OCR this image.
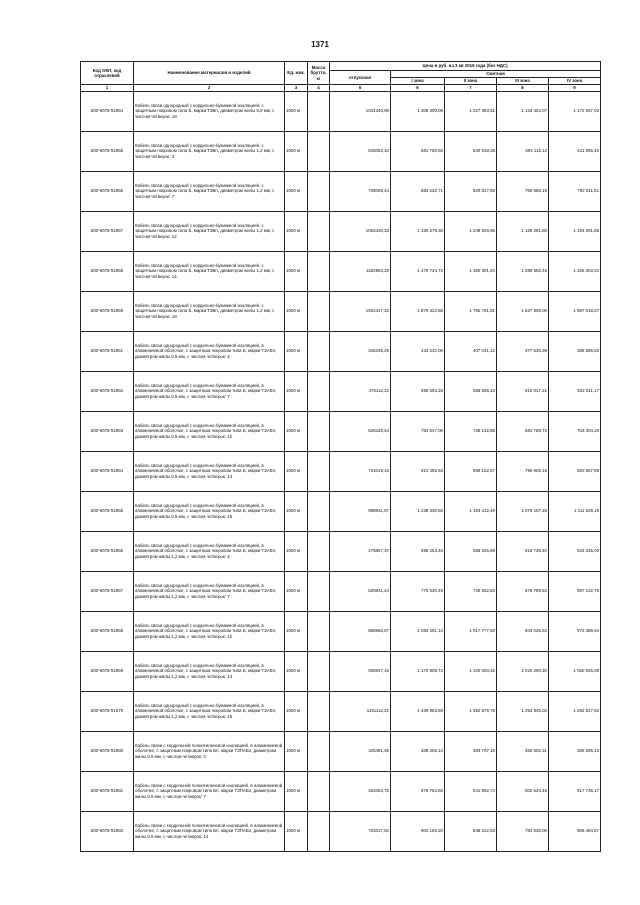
1371
Код ОКП, код отраслевой	Наименование материалов и изделий	Ед. изм.	Масса брутто, кг	Цена в руб. на 3 кв 2016 года (без НДС)				
				отпускная	Сметная			
					I зона	II зона	III зона	IV зона
1	2	3	4	5	6	7	8	9
500-8075-91954	Кабель связи однородный с кордельно-бумажной изоляцией, с защитным покровом типа Б, марки ТЗБп, диаметром жилы 0,9 мм, с числом четверок: 19	1000 м		1044340,98	1 305 400,09	1 227 393,61	1 133 452,07	1 172 657,02
500-8075-91955	Кабель связи однородный с кордельно-бумажной изоляцией, с защитным покровом типа Б, марки ТЗБп, диаметром жилы 1,2 мм, с числом четверок: 4	1000 м		545062,10	681 760,65	640 538,35	594 115,12	611 965,40
500-8075-91956	Кабель связи однородный с кордельно-бумажной изоляцией, с защитным покровом типа Б, марки ТЗБп, диаметром жилы 1,2 мм, с числом четверок: 7	1000 м		706059,44	883 232,71	829 817,69	769 886,19	792 611,51
500-8075-91957	Кабель связи однородный с кордельно-бумажной изоляцией, с защитным покровом типа Б, марки ТЗБп, диаметром жилы 1,2 мм, с числом четверок: 12	1000 м		1063430,33	1 330 279,36	1 249 828,96	1 159 281,86	1 194 091,88
500-8075-91958	Кабель связи однородный с кордельно-бумажной изоляцией, с защитным покровом типа Б, марки ТЗБп, диаметром жилы 1,2 мм, с числом четверок: 14	1000 м		1182953,28	1 479 734,72	1 390 301,94	1 289 555,45	1 328 303,34
500-8075-91959	Кабель связи однородный с кордельно-бумажной изоляцией, с защитным покровом типа Б, марки ТЗБп, диаметром жилы 1,2 мм, с числом четверок: 19	1000 м		1502417,32	1 879 422,68	1 765 761,81	1 637 908,06	1 687 018,27
500-8075-91961	Кабель связи однородный с кордельно-бумажной изоляцией, в алюминиевой оболочке, с защитным покровом типа Б, марки ТЗАБп, диаметром жилы 0,9 мм, с числом четверок: 4	1000 м		346335,29	433 242,06	407 041,12	377 546,39	388 886,62
500-8075-91962	Кабель связи однородный с кордельно-бумажной изоляцией, в алюминиевой оболочке, с защитным покровом типа Б, марки ТЗАБп, диаметром жилы 0,9 мм, с числом четверок: 7	1000 м		476112,22	595 594,26	559 565,43	519 017,21	534 611,17
500-8075-91963	Кабель связи однородный с кордельно-бумажной изоляцией, в алюминиевой оболочке, с защитным покровом типа Б, марки ТЗАБп, диаметром жилы 0,9 мм, с числом четверок: 12	1000 м		626348,34	783 547,00	736 132,86	682 769,72	703 304,26
500-8075-91964	Кабель связи однородный с кордельно-бумажной изоляцией, в алюминиевой оболочке, с защитным покровом типа Б, марки ТЗАБп, диаметром жилы 0,9 мм, с числом четверок: 14	1000 м		731019,15	914 455,63	859 152,57	796 905,15	820 857,99
500-8075-91965	Кабель связи однородный с кордельно-бумажной изоляцией, в алюминиевой оболочке, с защитным покровом типа Б, марки ТЗАБп, диаметром жилы 0,9 мм, с числом четверок: 19	1000 м		989931,97	1 238 330,55	1 163 412,49	1 079 107,26	1 111 529,19
500-8075-91966	Кабель связи однородный с кордельно-бумажной изоляцией, в алюминиевой оболочке, с защитным покровом типа Б, марки ТЗАБп, диаметром жилы 1,2 мм, с числом четверок: 4	1000 м		475857,37	595 263,46	559 265,69	518 739,40	534 335,00
500-8075-91967	Кабель связи однородный с кордельно-бумажной изоляцией, в алюминиевой оболочке, с защитным покровом типа Б, марки ТЗАБп, диаметром жилы 1,2 мм, с числом четверок: 7	1000 м		620841,24	776 630,49	729 662,63	676 789,52	697 122,76
500-8075-91968	Кабель связи однородный с кордельно-бумажной изоляцией, в алюминиевой оболочке, с защитным покровом типа Б, марки ТЗАБп, диаметром жилы 1,2 мм, с числом четверок: 12	1000 м		865966,87	1 083 291,13	1 017 777,50	944 025,52	972 388,94
500-8075-91969	Кабель связи однородный с кордельно-бумажной изоляцией, в алюминиевой оболочке, с защитным покровом типа Б, марки ТЗАБп, диаметром жилы 1,2 мм, с числом четверок: 14	1000 м		935947,16	1 170 808,73	1 100 000,45	1 020 290,30	1 050 945,08
500-8075-91970	Кабель связи однородный с кордельно-бумажной изоляцией, в алюминиевой оболочке, с защитным покровом типа Б, марки ТЗАБп, диаметром жилы 1,2 мм, с числом четверок: 19	1000 м		1151112,21	1 439 963,69	1 352 879,76	1 254 845,02	1 292 547,62
500-8075-91980	Кабель связи с кордельной полиэтиленовой изоляцией, в алюминиевой оболочке, с защитным покровом типа Бп, марки ТЗПАБп, диаметром жилы 0,9 мм, с числом четверок: 4	1000 м		326481,36	408 406,13	383 707,16	355 902,31	366 595,43
500-8075-91981	Кабель связи с кордельной полиэтиленовой изоляцией, в алюминиевой оболочке, с защитным покровом типа Бп, марки ТЗПАБп, диаметром жилы 0,9 мм, с числом четверок: 7	1000 м		461053,75	576 754,65	541 892,74	502 634,45	517 736,17
500-8075-91982	Кабель связи с кордельной полиэтиленовой изоляцией, в алюминиевой оболочке, с защитным покровом типа Бп, марки ТЗПАБп, диаметром жилы 0,9 мм, с числом четверок: 14	1000 м		722017,50	903 193,20	848 222,53	784 930,06	808 484,57
